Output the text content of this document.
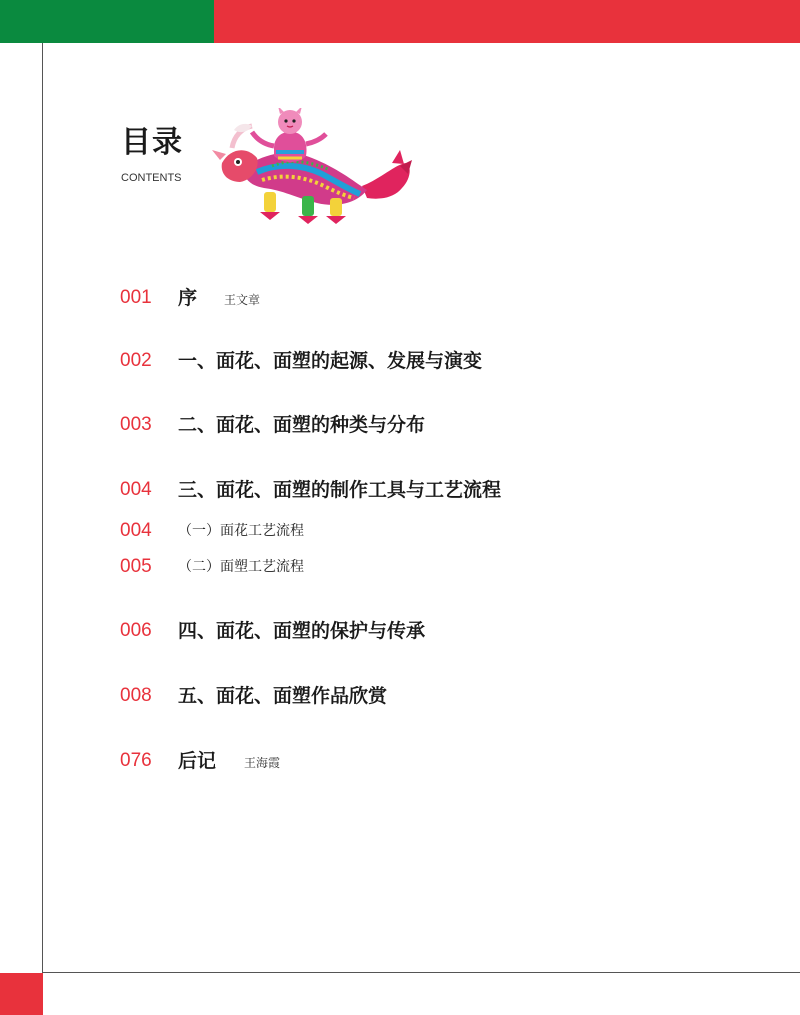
目录
CONTENTS
001 序 王文章
002 一、面花、面塑的起源、发展与演变
003 二、面花、面塑的种类与分布
004 三、面花、面塑的制作工具与工艺流程
004 （一）面花工艺流程
005 （二）面塑工艺流程
006 四、面花、面塑的保护与传承
008 五、面花、面塑作品欣赏
076 后记 王海霞
